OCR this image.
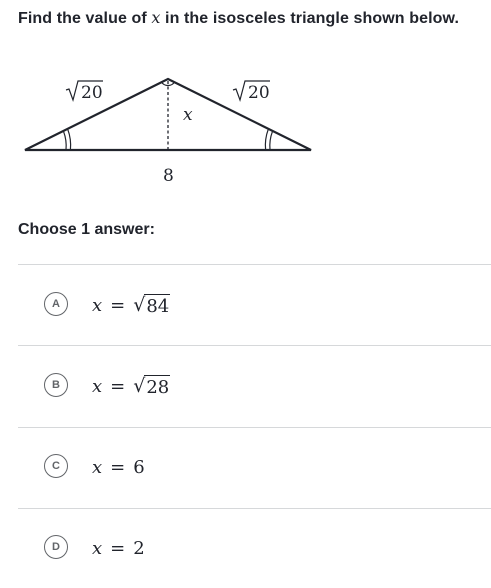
Find the value of x in the isosceles triangle shown below.
20	20
x
8
Choose 1 answer:
A	x = √ 84
B	x = √ 28
C	x = 6
D	x = 2
